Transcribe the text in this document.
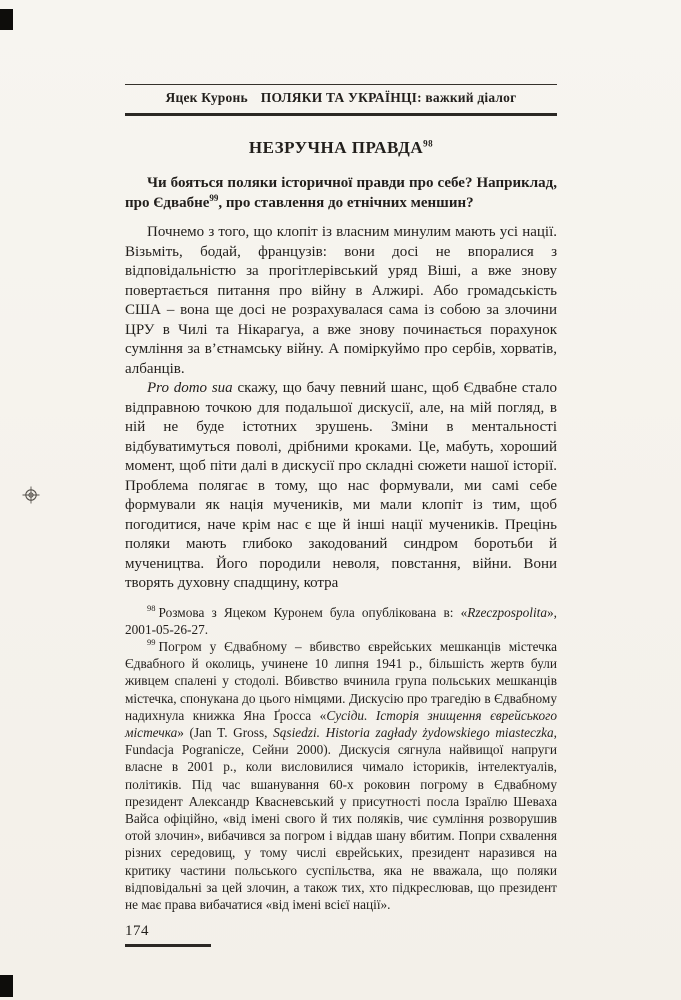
Яцек Куронь ПОЛЯКИ ТА УКРАЇНЦІ: важкий діалог
НЕЗРУЧНА ПРАВДА$^{98}$

Чи бояться поляки історичної правди про себе? Наприклад, про Єдвабне$^{99}$, про ставлення до етнічних меншин?

Почнемо з того, що клопіт із власним минулим мають усі нації. Візьміть, бодай, французів: вони досі не впоралися з відповідальністю за прогітлерівський уряд Віші, а вже знову повертається питання про війну в Алжирі. Або громадськість США – вона ще досі не розрахувалася сама із собою за злочини ЦРУ в Чилі та Нікарагуа, а вже знову починається порахунок сумління за в’єтнамську війну. А поміркуймо про сербів, хорватів, албанців.

Pro domo sua скажу, що бачу певний шанс, щоб Єдвабне стало відправною точкою для подальшої дискусії, але, на мій погляд, в ній не буде істотних зрушень. Зміни в ментальності відбуватимуться поволі, дрібними кроками. Це, мабуть, хороший момент, щоб піти далі в дискусії про складні сюжети нашої історії. Проблема полягає в тому, що нас формували, ми самі себе формували як нація мучеників, ми мали клопіт із тим, щоб погодитися, наче крім нас є ще й інші нації мучеників. Прецінь поляки мають глибоко закодований синдром боротьби й мучеництва. Його породили неволя, повстання, війни. Вони творять духовну спадщину, котра

$^{98}$ Розмова з Яцеком Куронем була опублікована в: «Rzeczpospolita», 2001-05-26-27.

$^{99}$ Погром у Єдвабному – вбивство єврейських мешканців містечка Єдвабного й околиць, учинене 10 липня 1941 р., більшість жертв були живцем спалені у стодолі. Вбивство вчинила група польських мешканців містечка, спонукана до цього німцями. Дискусію про трагедію в Єдвабному надихнула книжка Яна Ґросса «Сусіди. Історія знищення єврейського містечка» (Jan T. Gross, Sąsiedzi. Historia zagłady żydowskiego miasteczka, Fundacja Pogranicze, Сейни 2000). Дискусія сягнула найвищої напруги власне в 2001 р., коли висловилися чимало істориків, інтелектуалів, політиків. Під час вшанування 60-х роковин погрому в Єдвабному президент Александр Квасневський у присутності посла Ізраїлю Шеваха Вайса офіційно, «від імені свого й тих поляків, чиє сумління розворушив отой злочин», вибачився за погром і віддав шану вбитим. Попри схвалення різних середовищ, у тому числі єврейських, президент наразився на критику частини польського суспільства, яка не вважала, що поляки відповідальні за цей злочин, а також тих, хто підкреслював, що президент не має права вибачатися «від імені всієї нації».

174
